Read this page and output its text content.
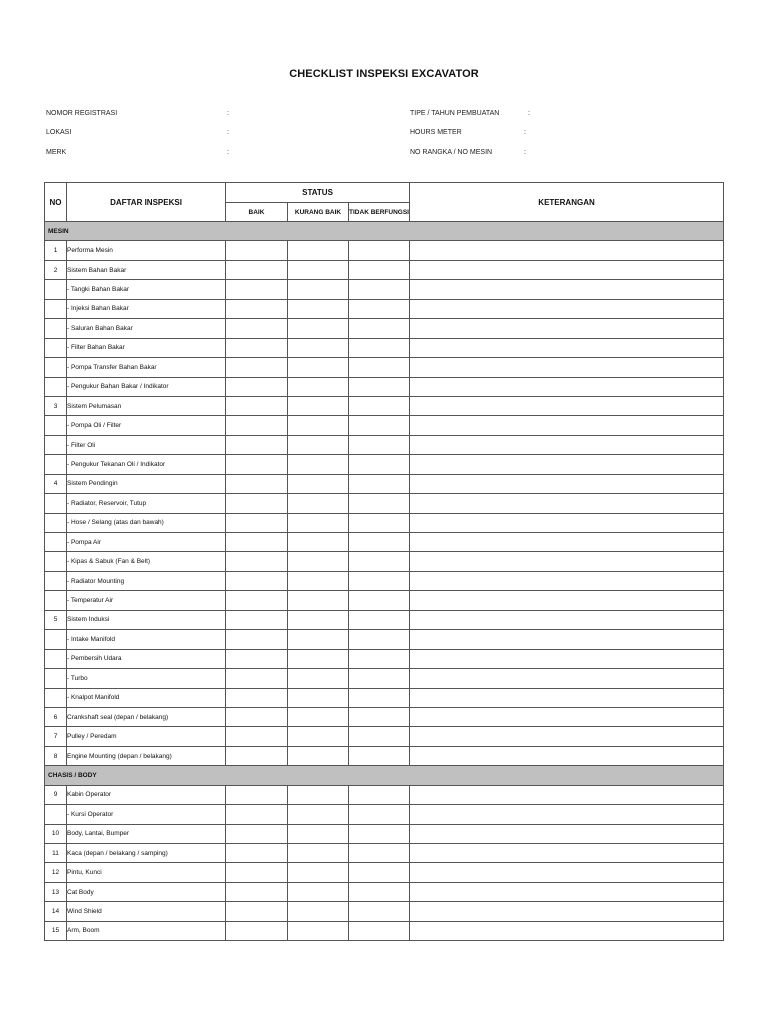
CHECKLIST INSPEKSI EXCAVATOR
NOMOR REGISTRASI	:
LOKASI	:
MERK	:
TIPE / TAHUN PEMBUATAN	:
HOURS METER	:
NO RANGKA / NO MESIN	:
NO	DAFTAR INSPEKSI	STATUS			KETERANGAN
		BAIK	KURANG BAIK	TIDAK BERFUNGSI	
MESIN					
1	Performa Mesin				
2	Sistem Bahan Bakar				
	- Tangki Bahan Bakar				
	- Injeksi Bahan Bakar				
	- Saluran Bahan Bakar				
	- Filter Bahan Bakar				
	- Pompa Transfer Bahan Bakar				
	- Pengukur Bahan Bakar / Indikator				
3	Sistem Pelumasan				
	- Pompa Oli / Filter				
	- Filter Oli				
	- Pengukur Tekanan Oli / Indikator				
4	Sistem Pendingin				
	- Radiator, Reservoir, Tutup				
	- Hose / Selang (atas dan bawah)				
	- Pompa Air				
	- Kipas & Sabuk (Fan & Belt)				
	- Radiator Mounting				
	- Temperatur Air				
5	Sistem Induksi				
	- Intake Manifold				
	- Pembersih Udara				
	- Turbo				
	- Knalpot Manifold				
6	Crankshaft seal (depan / belakang)				
7	Pulley / Peredam				
8	Engine Mounting (depan / belakang)				
CHASIS / BODY					
9	Kabin Operator				
	- Kursi Operator				
10	Body, Lantai, Bumper				
11	Kaca (depan / belakang / samping)				
12	Pintu, Kunci				
13	Cat Body				
14	Wind Shield				
15	Arm, Boom				
